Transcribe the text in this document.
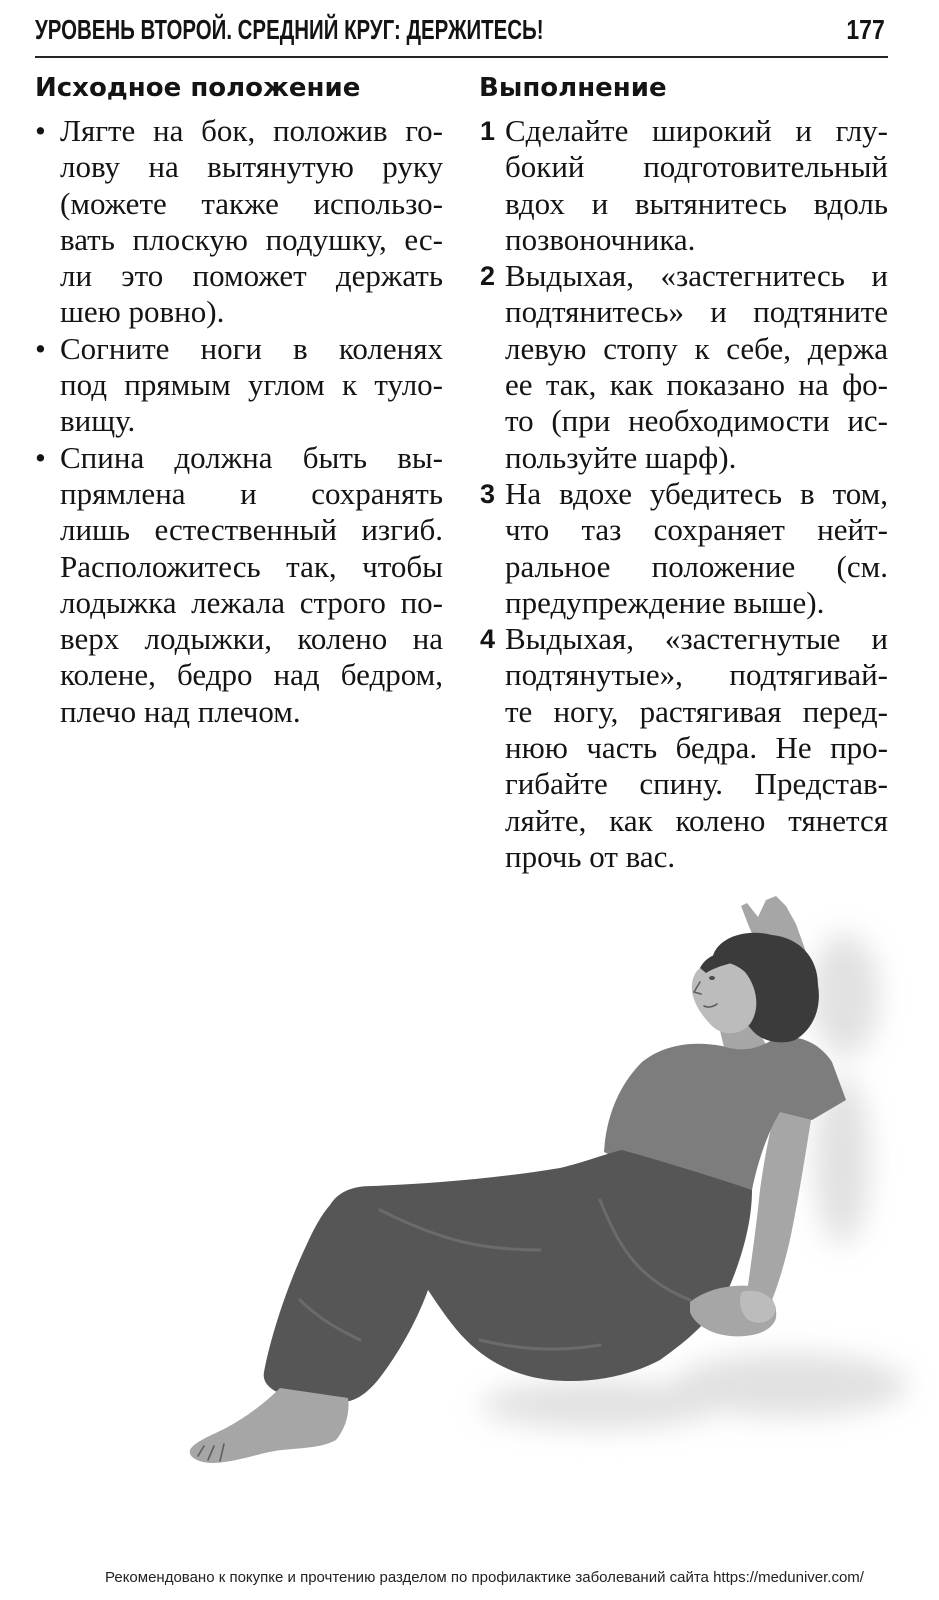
УРОВЕНЬ ВТОРОЙ. СРЕДНИЙ КРУГ: ДЕРЖИТЕСЬ!	177
Исходное положение
• Лягте на бок, положив го-
лову на вытянутую руку
(можете также использо-
вать плоскую подушку, ес-
ли это поможет держать
шею ровно).
• Согните ноги в коленях
под прямым углом к туло-
вищу.
• Спина должна быть вы-
прямлена и сохранять
лишь естественный изгиб.
Расположитесь так, чтобы
лодыжка лежала строго по-
верх лодыжки, колено на
колене, бедро над бедром,
плечо над плечом.
Выполнение
1 Сделайте широкий и глу-
бокий подготовительный
вдох и вытянитесь вдоль
позвоночника.
2 Выдыхая, «застегнитесь и
подтянитесь» и подтяните
левую стопу к себе, держа
ее так, как показано на фо-
то (при необходимости ис-
пользуйте шарф).
3 На вдохе убедитесь в том,
что таз сохраняет нейт-
ральное положение (см.
предупреждение выше).
4 Выдыхая, «застегнутые и
подтянутые», подтягивай-
те ногу, растягивая перед-
нюю часть бедра. Не про-
гибайте спину. Представ-
ляйте, как колено тянется
прочь от вас.
Рекомендовано к покупке и прочтению разделом по профилактике заболеваний сайта https://meduniver.com/
